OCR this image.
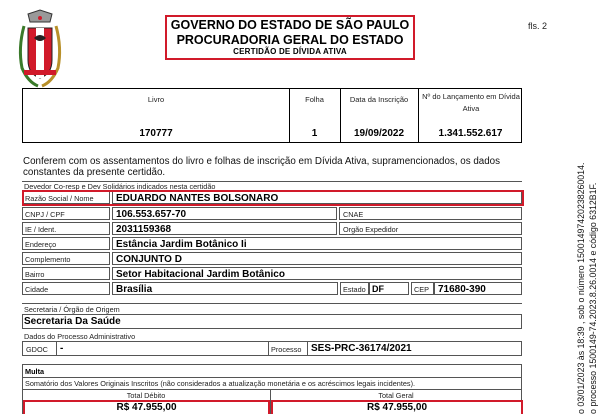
GOVERNO DO ESTADO DE SÃO PAULO
PROCURADORIA GERAL DO ESTADO
CERTIDÃO DE DÍVIDA ATIVA
fls. 2
o 03/01/2023 às 18:39 , sob o número 15001497420238260014. o processo 1500149-74.2023.8.26.0014 e código 6312B1F.
Livro	Folha	Data da Inscrição	Nº do Lançamento em Dívida Ativa
170777	1	19/09/2022	1.341.552.617
Conferem com os assentamentos do livro e folhas de inscrição em Dívida Ativa, supramencionados, os dados constantes da presente certidão.
Devedor Co-resp e Dev Solidários indicados nesta certidão
Razão Social / Nome EDUARDO NANTES BOLSONARO
CNPJ / CPF	106.553.657-70	CNAE
IE / Ident.	2031159368	Orgão Expedidor
Endereço	Estância Jardim Botânico Ii
Complemento	CONJUNTO D
Bairro	Setor Habitacional Jardim Botânico
Cidade	Brasília	Estado DF	CEP 71680-390
Secretaria / Órgão de Origem
Secretaria Da Saúde
Dados do Processo Administrativo
GDOC -	Processo SES-PRC-36174/2021
Multa
Somatório dos Valores Originais Inscritos (não considerados a atualização monetária e os acréscimos legais incidentes).
Total Débito	Total Geral
R$ 47.955,00	R$ 47.955,00
